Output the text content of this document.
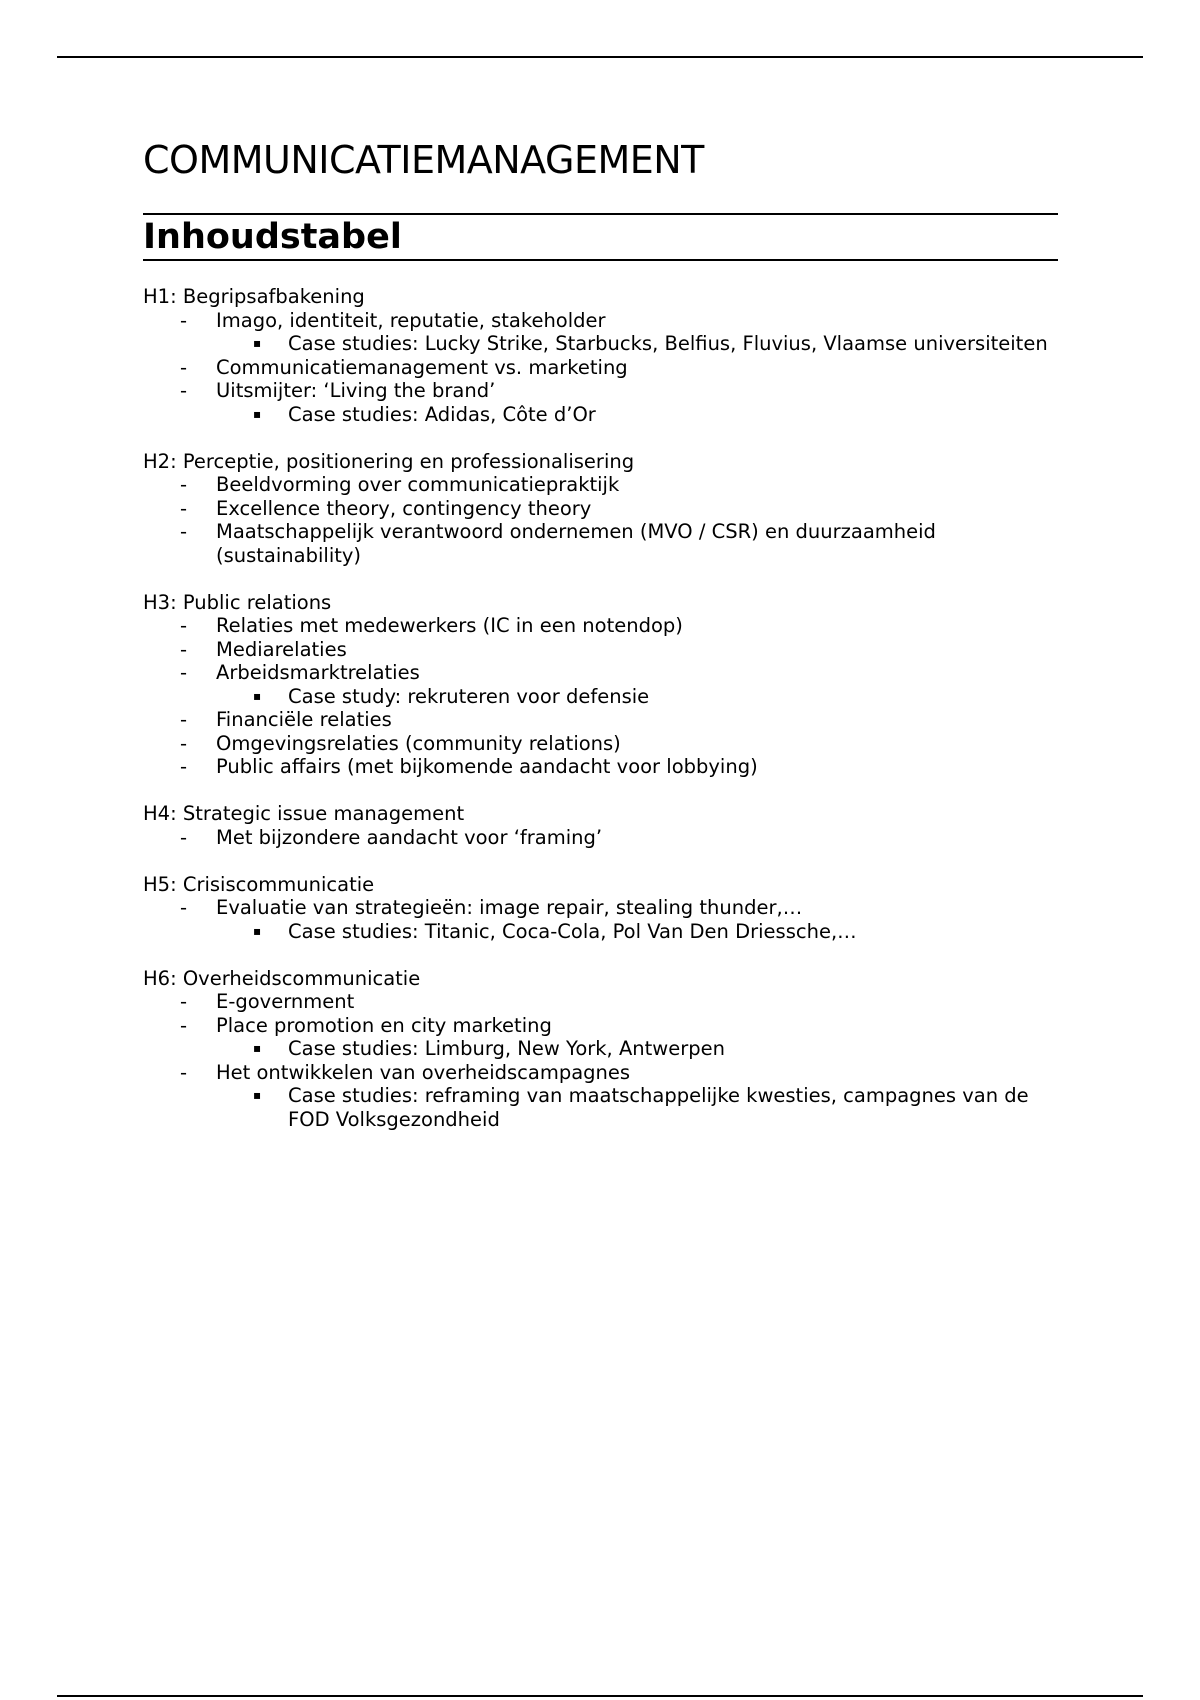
COMMUNICATIEMANAGEMENT
Inhoudstabel
H1: Begripsafbakening
- Imago, identiteit, reputatie, stakeholder
▪ Case studies: Lucky Strike, Starbucks, Belfius, Fluvius, Vlaamse universiteiten
- Communicatiemanagement vs. marketing
- Uitsmijter: ‘Living the brand’
▪ Case studies: Adidas, Côte d’Or
H2: Perceptie, positionering en professionalisering
- Beeldvorming over communicatiepraktijk
- Excellence theory, contingency theory
- Maatschappelijk verantwoord ondernemen (MVO / CSR) en duurzaamheid (sustainability)
H3: Public relations
- Relaties met medewerkers (IC in een notendop)
- Mediarelaties
- Arbeidsmarktrelaties
▪ Case study: rekruteren voor defensie
- Financiële relaties
- Omgevingsrelaties (community relations)
- Public affairs (met bijkomende aandacht voor lobbying)
H4: Strategic issue management
- Met bijzondere aandacht voor ‘framing’
H5: Crisiscommunicatie
- Evaluatie van strategieën: image repair, stealing thunder,…
▪ Case studies: Titanic, Coca-Cola, Pol Van Den Driessche,…
H6: Overheidscommunicatie
- E-government
- Place promotion en city marketing
▪ Case studies: Limburg, New York, Antwerpen
- Het ontwikkelen van overheidscampagnes
▪ Case studies: reframing van maatschappelijke kwesties, campagnes van de FOD Volksgezondheid
